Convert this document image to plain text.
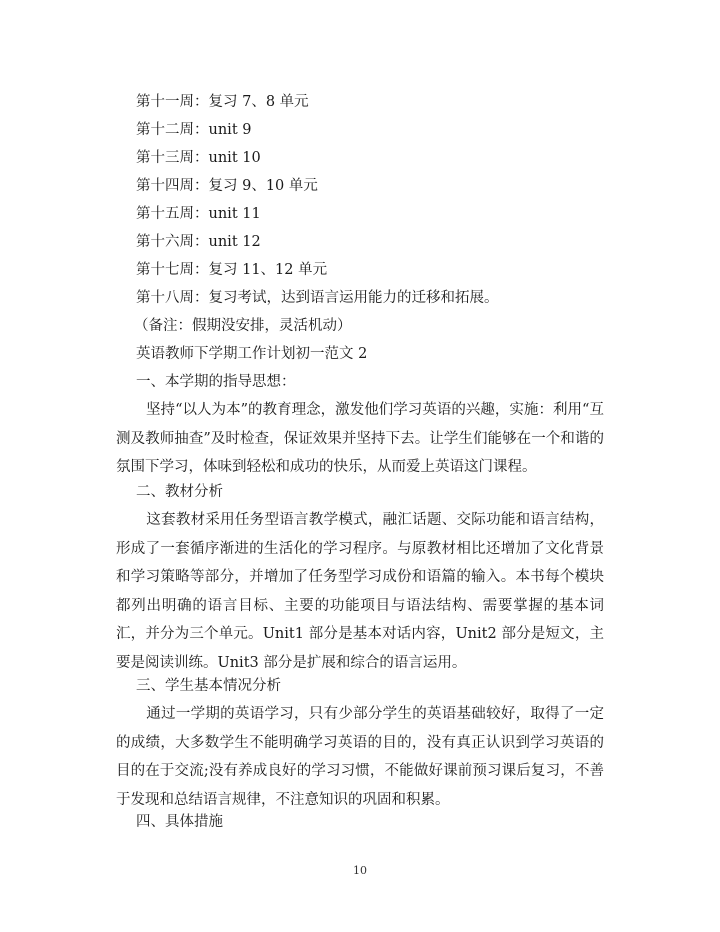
第十一周：复习 7、8 单元
第十二周：unit 9
第十三周：unit 10
第十四周：复习 9、10 单元
第十五周：unit 11
第十六周：unit 12
第十七周：复习 11、12 单元
第十八周：复习考试，达到语言运用能力的迁移和拓展。
（备注：假期没安排，灵活机动）
英语教师下学期工作计划初一范文 2
一、本学期的指导思想：
坚持“以人为本”的教育理念，激发他们学习英语的兴趣，实施：利用“互测及教师抽查”及时检查，保证效果并坚持下去。让学生们能够在一个和谐的氛围下学习，体味到轻松和成功的快乐，从而爱上英语这门课程。
二、教材分析
这套教材采用任务型语言教学模式，融汇话题、交际功能和语言结构，形成了一套循序渐进的生活化的学习程序。与原教材相比还增加了文化背景和学习策略等部分，并增加了任务型学习成份和语篇的输入。本书每个模块都列出明确的语言目标、主要的功能项目与语法结构、需要掌握的基本词汇，并分为三个单元。Unit1 部分是基本对话内容，Unit2 部分是短文，主要是阅读训练。Unit3 部分是扩展和综合的语言运用。
三、学生基本情况分析
通过一学期的英语学习，只有少部分学生的英语基础较好，取得了一定的成绩，大多数学生不能明确学习英语的目的，没有真正认识到学习英语的目的在于交流;没有养成良好的学习习惯，不能做好课前预习课后复习，不善于发现和总结语言规律，不注意知识的巩固和积累。
四、具体措施
10
